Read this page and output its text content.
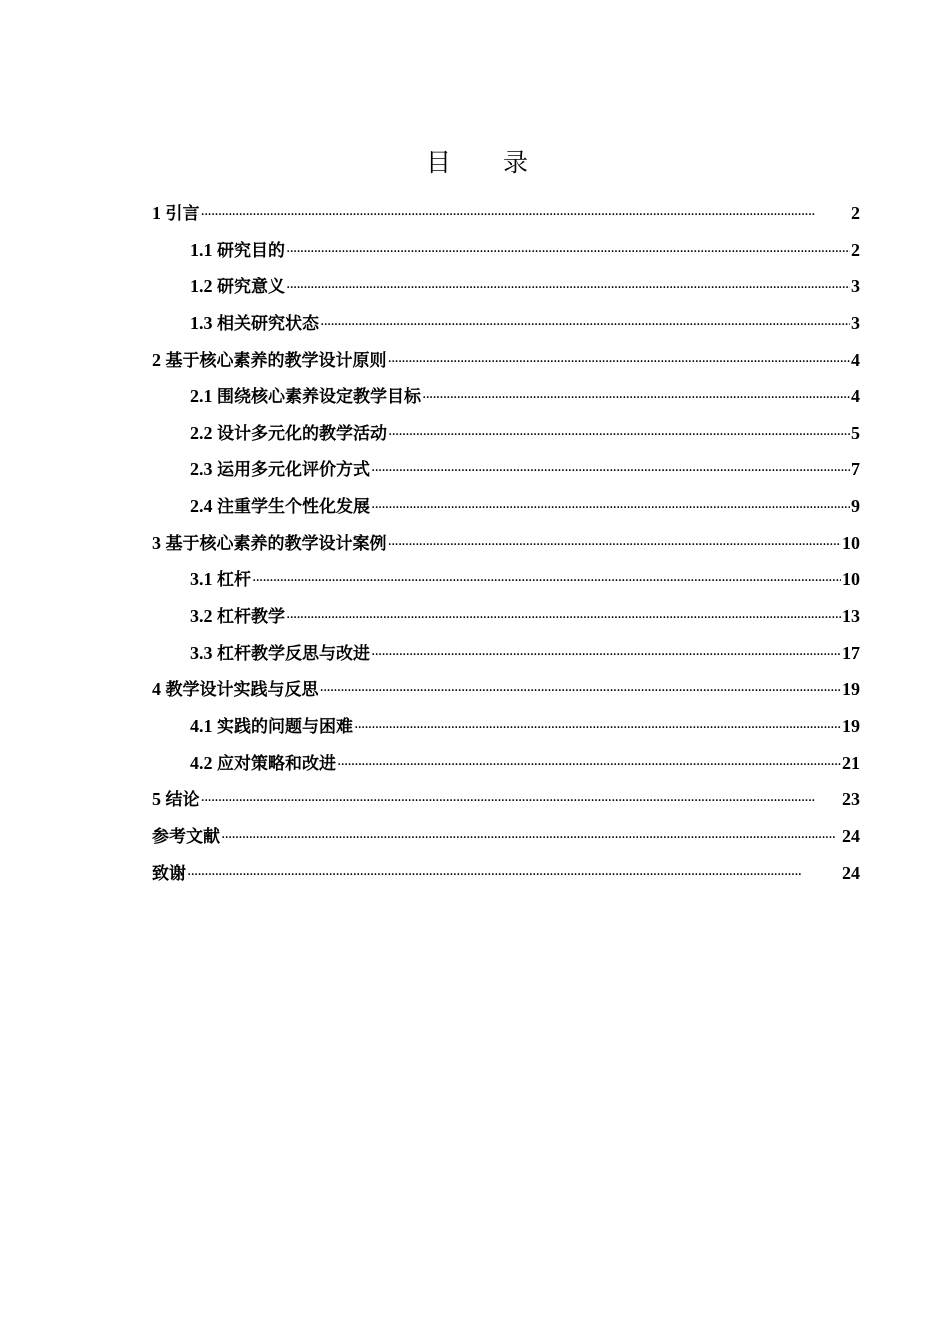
目 录
1 引言 ·····	2
1.1 研究目的 ·····	2
1.2 研究意义 ·····	3
1.3 相关研究状态 ·····	3
2 基于核心素养的教学设计原则 ·····	4
2.1 围绕核心素养设定教学目标 ·····	4
2.2 设计多元化的教学活动 ·····	5
2.3 运用多元化评价方式 ·····	7
2.4 注重学生个性化发展 ·····	9
3 基于核心素养的教学设计案例 ·····	10
3.1 杠杆 ·····	10
3.2 杠杆教学 ·····	13
3.3 杠杆教学反思与改进 ·····	17
4 教学设计实践与反思 ·····	19
4.1 实践的问题与困难 ·····	19
4.2 应对策略和改进 ·····	21
5 结论 ·····	23
参考文献 ·····	24
致谢 ·····	24
